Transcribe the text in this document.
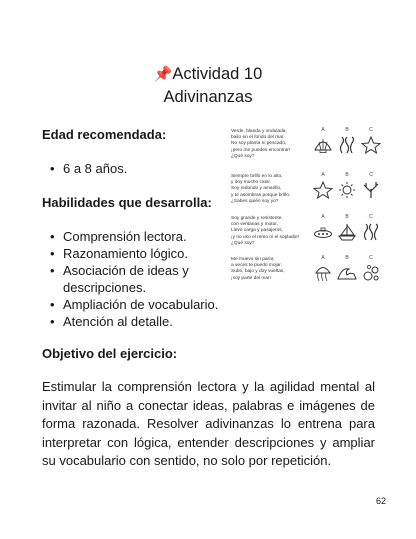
📌Actividad 10
Adivinanzas
Edad recomendada:
• 6 a 8 años.
Habilidades que desarrolla:
• Comprensión lectora.
• Razonamiento lógico.
• Asociación de ideas y
descripciones.
• Ampliación de vocabulario.
• Atención al detalle.
Objetivo del ejercicio:

Estimular la comprensión lectora y la agilidad mental al invitar al niño a conectar ideas, palabras e imágenes de forma razonada. Resolver adivinanzas lo entrena para interpretar con lógica, entender descripciones y ampliar su vocabulario con sentido, no solo por repetición.

Verde, blanda y ondulada,
bailo en el fondo del mar.
No soy planta ni pescado,
¡pero me puedes encontrar!
¿Qué soy?
A	B	C
Siempre brillo en lo alto,
y doy mucho calor.
Soy redondo y amarillo,
y te asombras porque brillo.
¿Sabes quién soy yo?
A	B	C
Soy grande y resistente,
con ventanas y motor.
Llevo carga y pasajeros,
¡y no uso el remo ni el soplador!
¿Qué soy?
A	B	C
Me muevo sin parar,
a veces te puedo mojar.
Subo, bajo y doy vueltas,
¡soy parte del mar!
A	B	C
62
